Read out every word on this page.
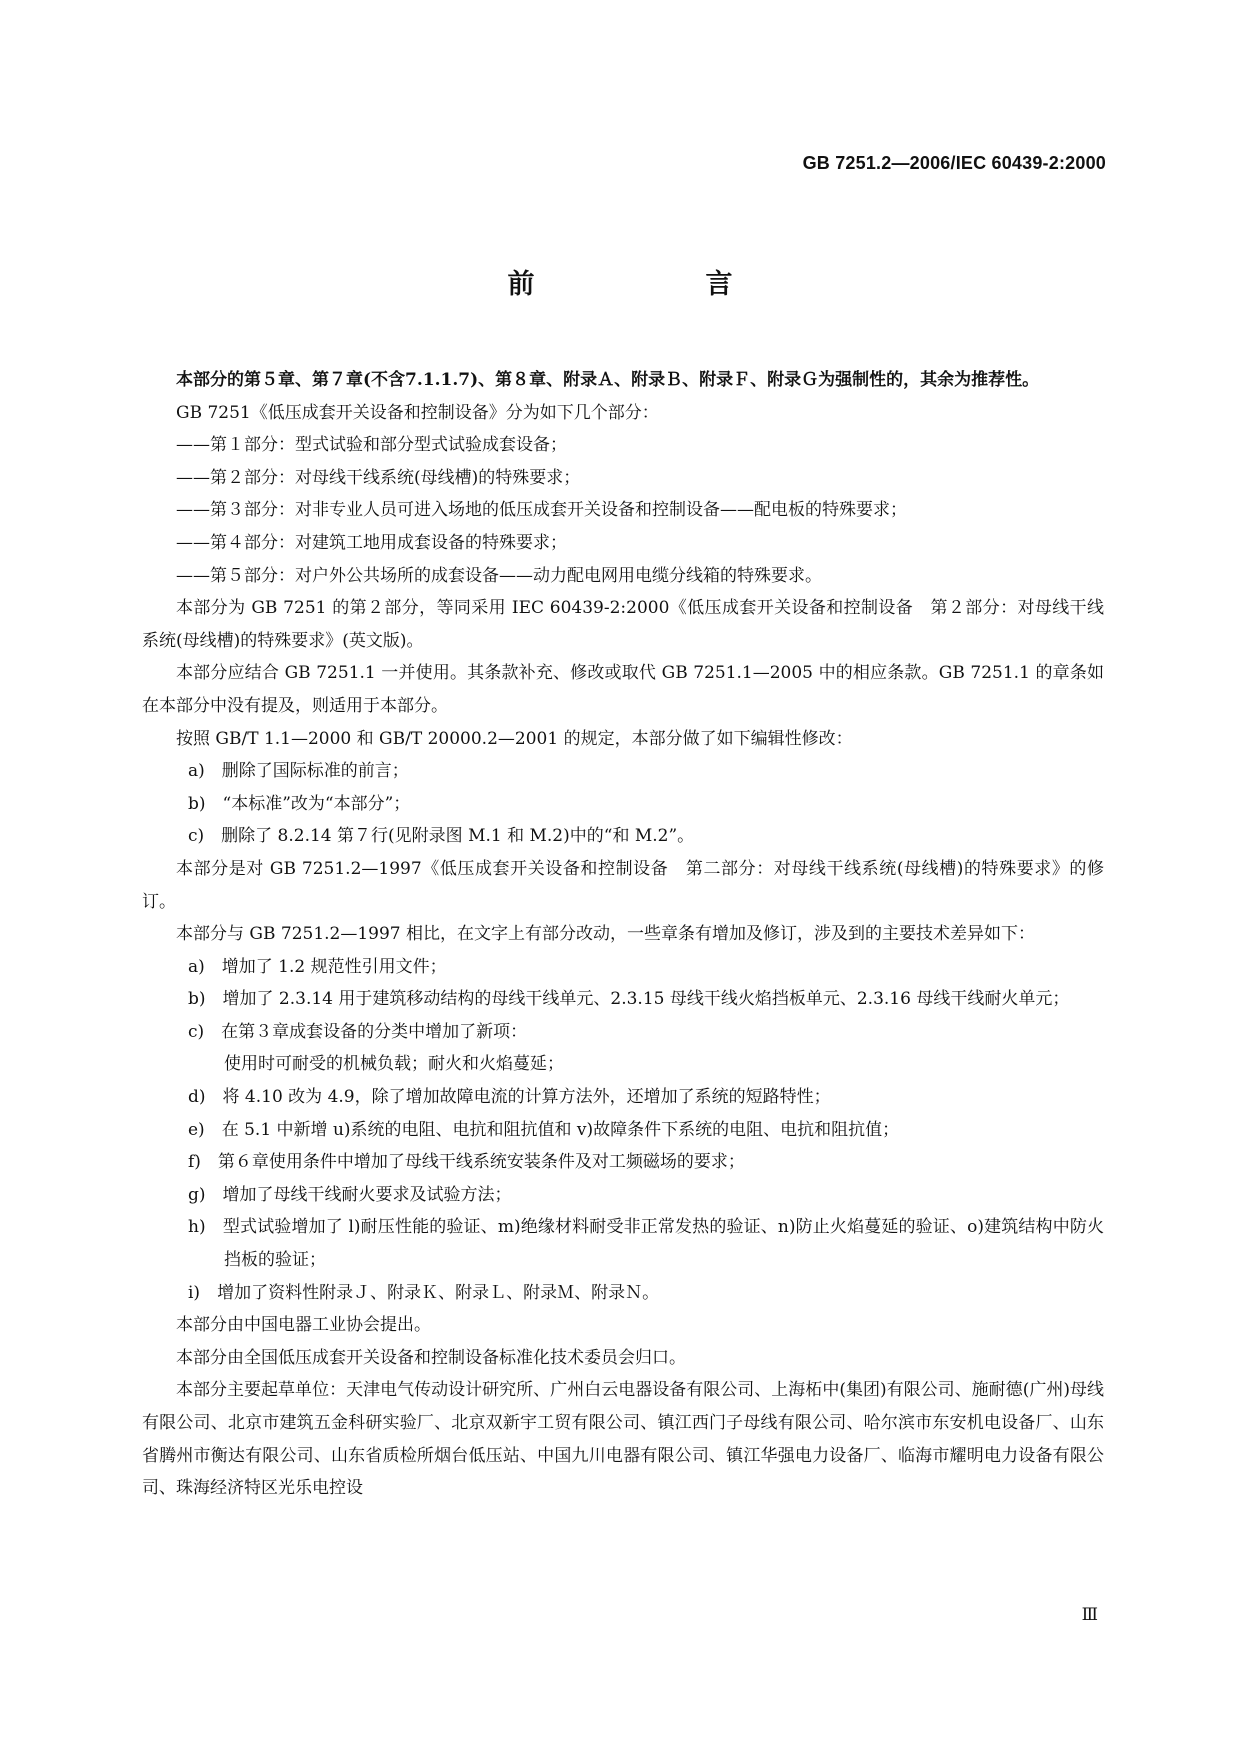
GB 7251.2—2006/IEC 60439-2:2000
前　言

本部分的第５章、第７章(不含7.1.1.7)、第８章、附录Ａ、附录Ｂ、附录Ｆ、附录Ｇ为强制性的，其余为推荐性。

GB 7251《低压成套开关设备和控制设备》分为如下几个部分：

——第１部分：型式试验和部分型式试验成套设备；

——第２部分：对母线干线系统(母线槽)的特殊要求；

——第３部分：对非专业人员可进入场地的低压成套开关设备和控制设备——配电板的特殊要求；

——第４部分：对建筑工地用成套设备的特殊要求；

——第５部分：对户外公共场所的成套设备——动力配电网用电缆分线箱的特殊要求。

本部分为 GB 7251 的第２部分，等同采用 IEC 60439-2:2000《低压成套开关设备和控制设备　第２部分：对母线干线系统(母线槽)的特殊要求》(英文版)。

本部分应结合 GB 7251.1 一并使用。其条款补充、修改或取代 GB 7251.1—2005 中的相应条款。GB 7251.1 的章条如在本部分中没有提及，则适用于本部分。

按照 GB/T 1.1—2000 和 GB/T 20000.2—2001 的规定，本部分做了如下编辑性修改：

a)　删除了国际标准的前言；

b)　“本标准”改为“本部分”；

c)　删除了 8.2.14 第７行(见附录图 M.1 和 M.2)中的“和 M.2”。

本部分是对 GB 7251.2—1997《低压成套开关设备和控制设备　第二部分：对母线干线系统(母线槽)的特殊要求》的修订。

本部分与 GB 7251.2—1997 相比，在文字上有部分改动，一些章条有增加及修订，涉及到的主要技术差异如下：

a)　增加了 1.2 规范性引用文件；

b)　增加了 2.3.14 用于建筑移动结构的母线干线单元、2.3.15 母线干线火焰挡板单元、2.3.16 母线干线耐火单元；

c)　在第３章成套设备的分类中增加了新项：

使用时可耐受的机械负载；耐火和火焰蔓延；

d)　将 4.10 改为 4.9，除了增加故障电流的计算方法外，还增加了系统的短路特性；

e)　在 5.1 中新增 u)系统的电阻、电抗和阻抗值和 v)故障条件下系统的电阻、电抗和阻抗值；

f)　第６章使用条件中增加了母线干线系统安装条件及对工频磁场的要求；

g)　增加了母线干线耐火要求及试验方法；

h)　型式试验增加了 l)耐压性能的验证、m)绝缘材料耐受非正常发热的验证、n)防止火焰蔓延的验证、o)建筑结构中防火挡板的验证；

i)　增加了资料性附录Ｊ、附录Ｋ、附录Ｌ、附录Ｍ、附录Ｎ。

本部分由中国电器工业协会提出。

本部分由全国低压成套开关设备和控制设备标准化技术委员会归口。

本部分主要起草单位：天津电气传动设计研究所、广州白云电器设备有限公司、上海柘中(集团)有限公司、施耐德(广州)母线有限公司、北京市建筑五金科研实验厂、北京双新宇工贸有限公司、镇江西门子母线有限公司、哈尔滨市东安机电设备厂、山东省腾州市衡达有限公司、山东省质检所烟台低压站、中国九川电器有限公司、镇江华强电力设备厂、临海市耀明电力设备有限公司、珠海经济特区光乐电控设

Ⅲ
